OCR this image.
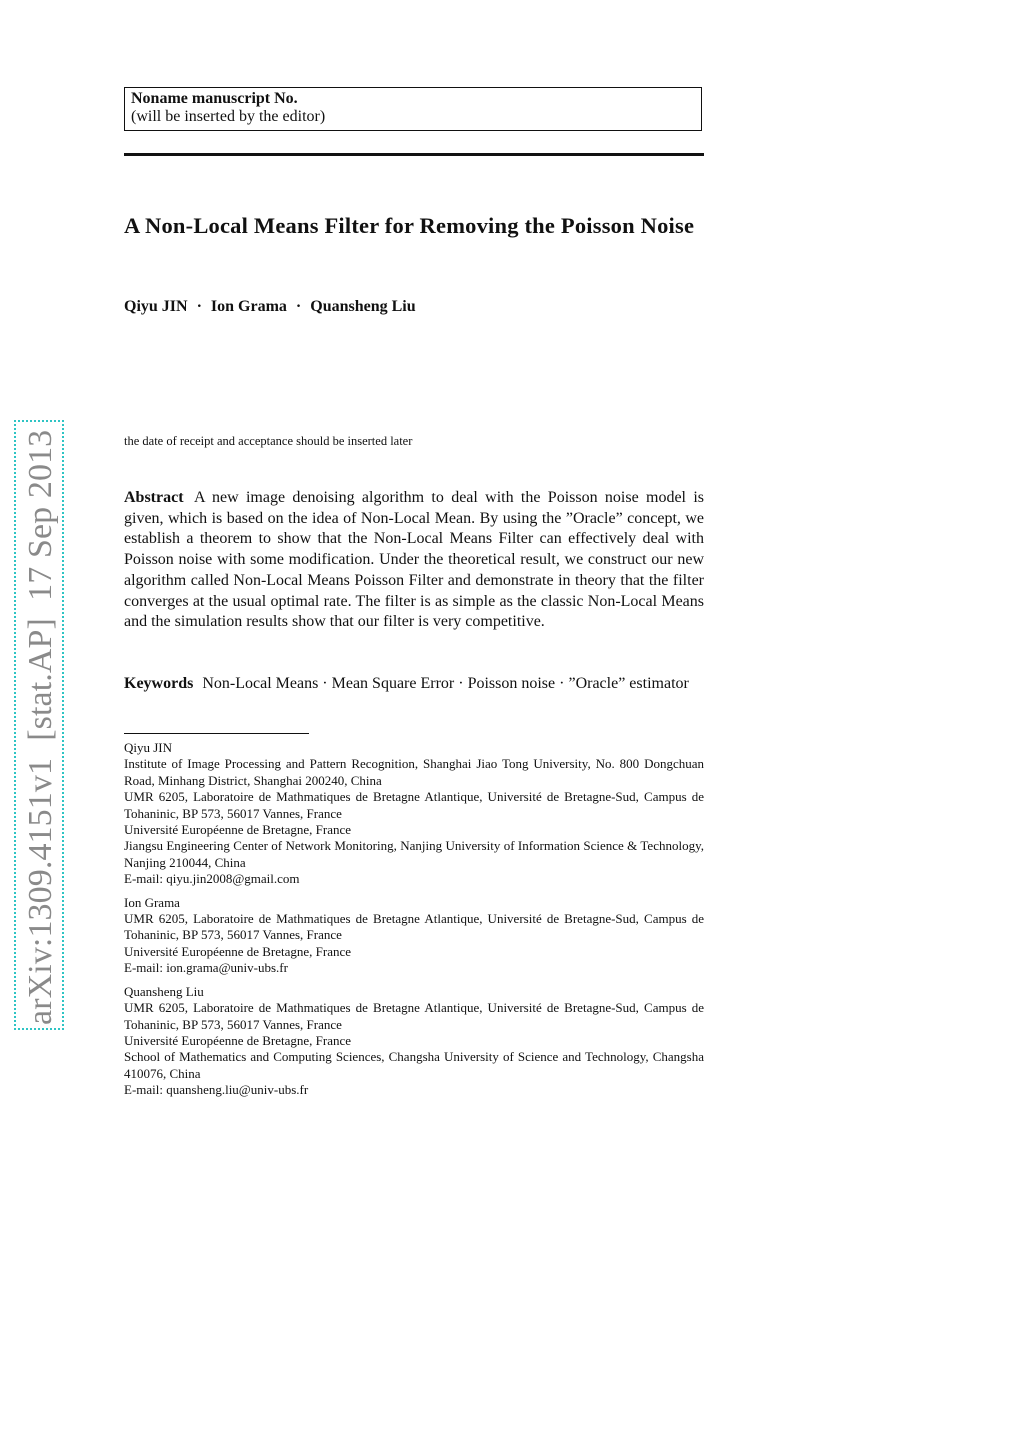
Noname manuscript No.
(will be inserted by the editor)
A Non-Local Means Filter for Removing the Poisson Noise
Qiyu JIN · Ion Grama · Quansheng Liu
the date of receipt and acceptance should be inserted later
Abstract A new image denoising algorithm to deal with the Poisson noise model is given, which is based on the idea of Non-Local Mean. By using the ”Oracle” concept, we establish a theorem to show that the Non-Local Means Filter can effectively deal with Poisson noise with some modification. Under the theoretical result, we construct our new algorithm called Non-Local Means Poisson Filter and demonstrate in theory that the filter converges at the usual optimal rate. The filter is as simple as the classic Non-Local Means and the simulation results show that our filter is very competitive.
Keywords Non-Local Means · Mean Square Error · Poisson noise · ”Oracle” estimator
Qiyu JIN
Institute of Image Processing and Pattern Recognition, Shanghai Jiao Tong University, No. 800 Dongchuan Road, Minhang District, Shanghai 200240, China
UMR 6205, Laboratoire de Mathmatiques de Bretagne Atlantique, Université de Bretagne-Sud, Campus de Tohaninic, BP 573, 56017 Vannes, France
Université Européenne de Bretagne, France
Jiangsu Engineering Center of Network Monitoring, Nanjing University of Information Science & Technology, Nanjing 210044, China
E-mail: qiyu.jin2008@gmail.com
Ion Grama
UMR 6205, Laboratoire de Mathmatiques de Bretagne Atlantique, Université de Bretagne-Sud, Campus de Tohaninic, BP 573, 56017 Vannes, France
Université Européenne de Bretagne, France
E-mail: ion.grama@univ-ubs.fr
Quansheng Liu
UMR 6205, Laboratoire de Mathmatiques de Bretagne Atlantique, Université de Bretagne-Sud, Campus de Tohaninic, BP 573, 56017 Vannes, France
Université Européenne de Bretagne, France
School of Mathematics and Computing Sciences, Changsha University of Science and Technology, Changsha 410076, China
E-mail: quansheng.liu@univ-ubs.fr
arXiv:1309.4151v1  [stat.AP]  17 Sep 2013
